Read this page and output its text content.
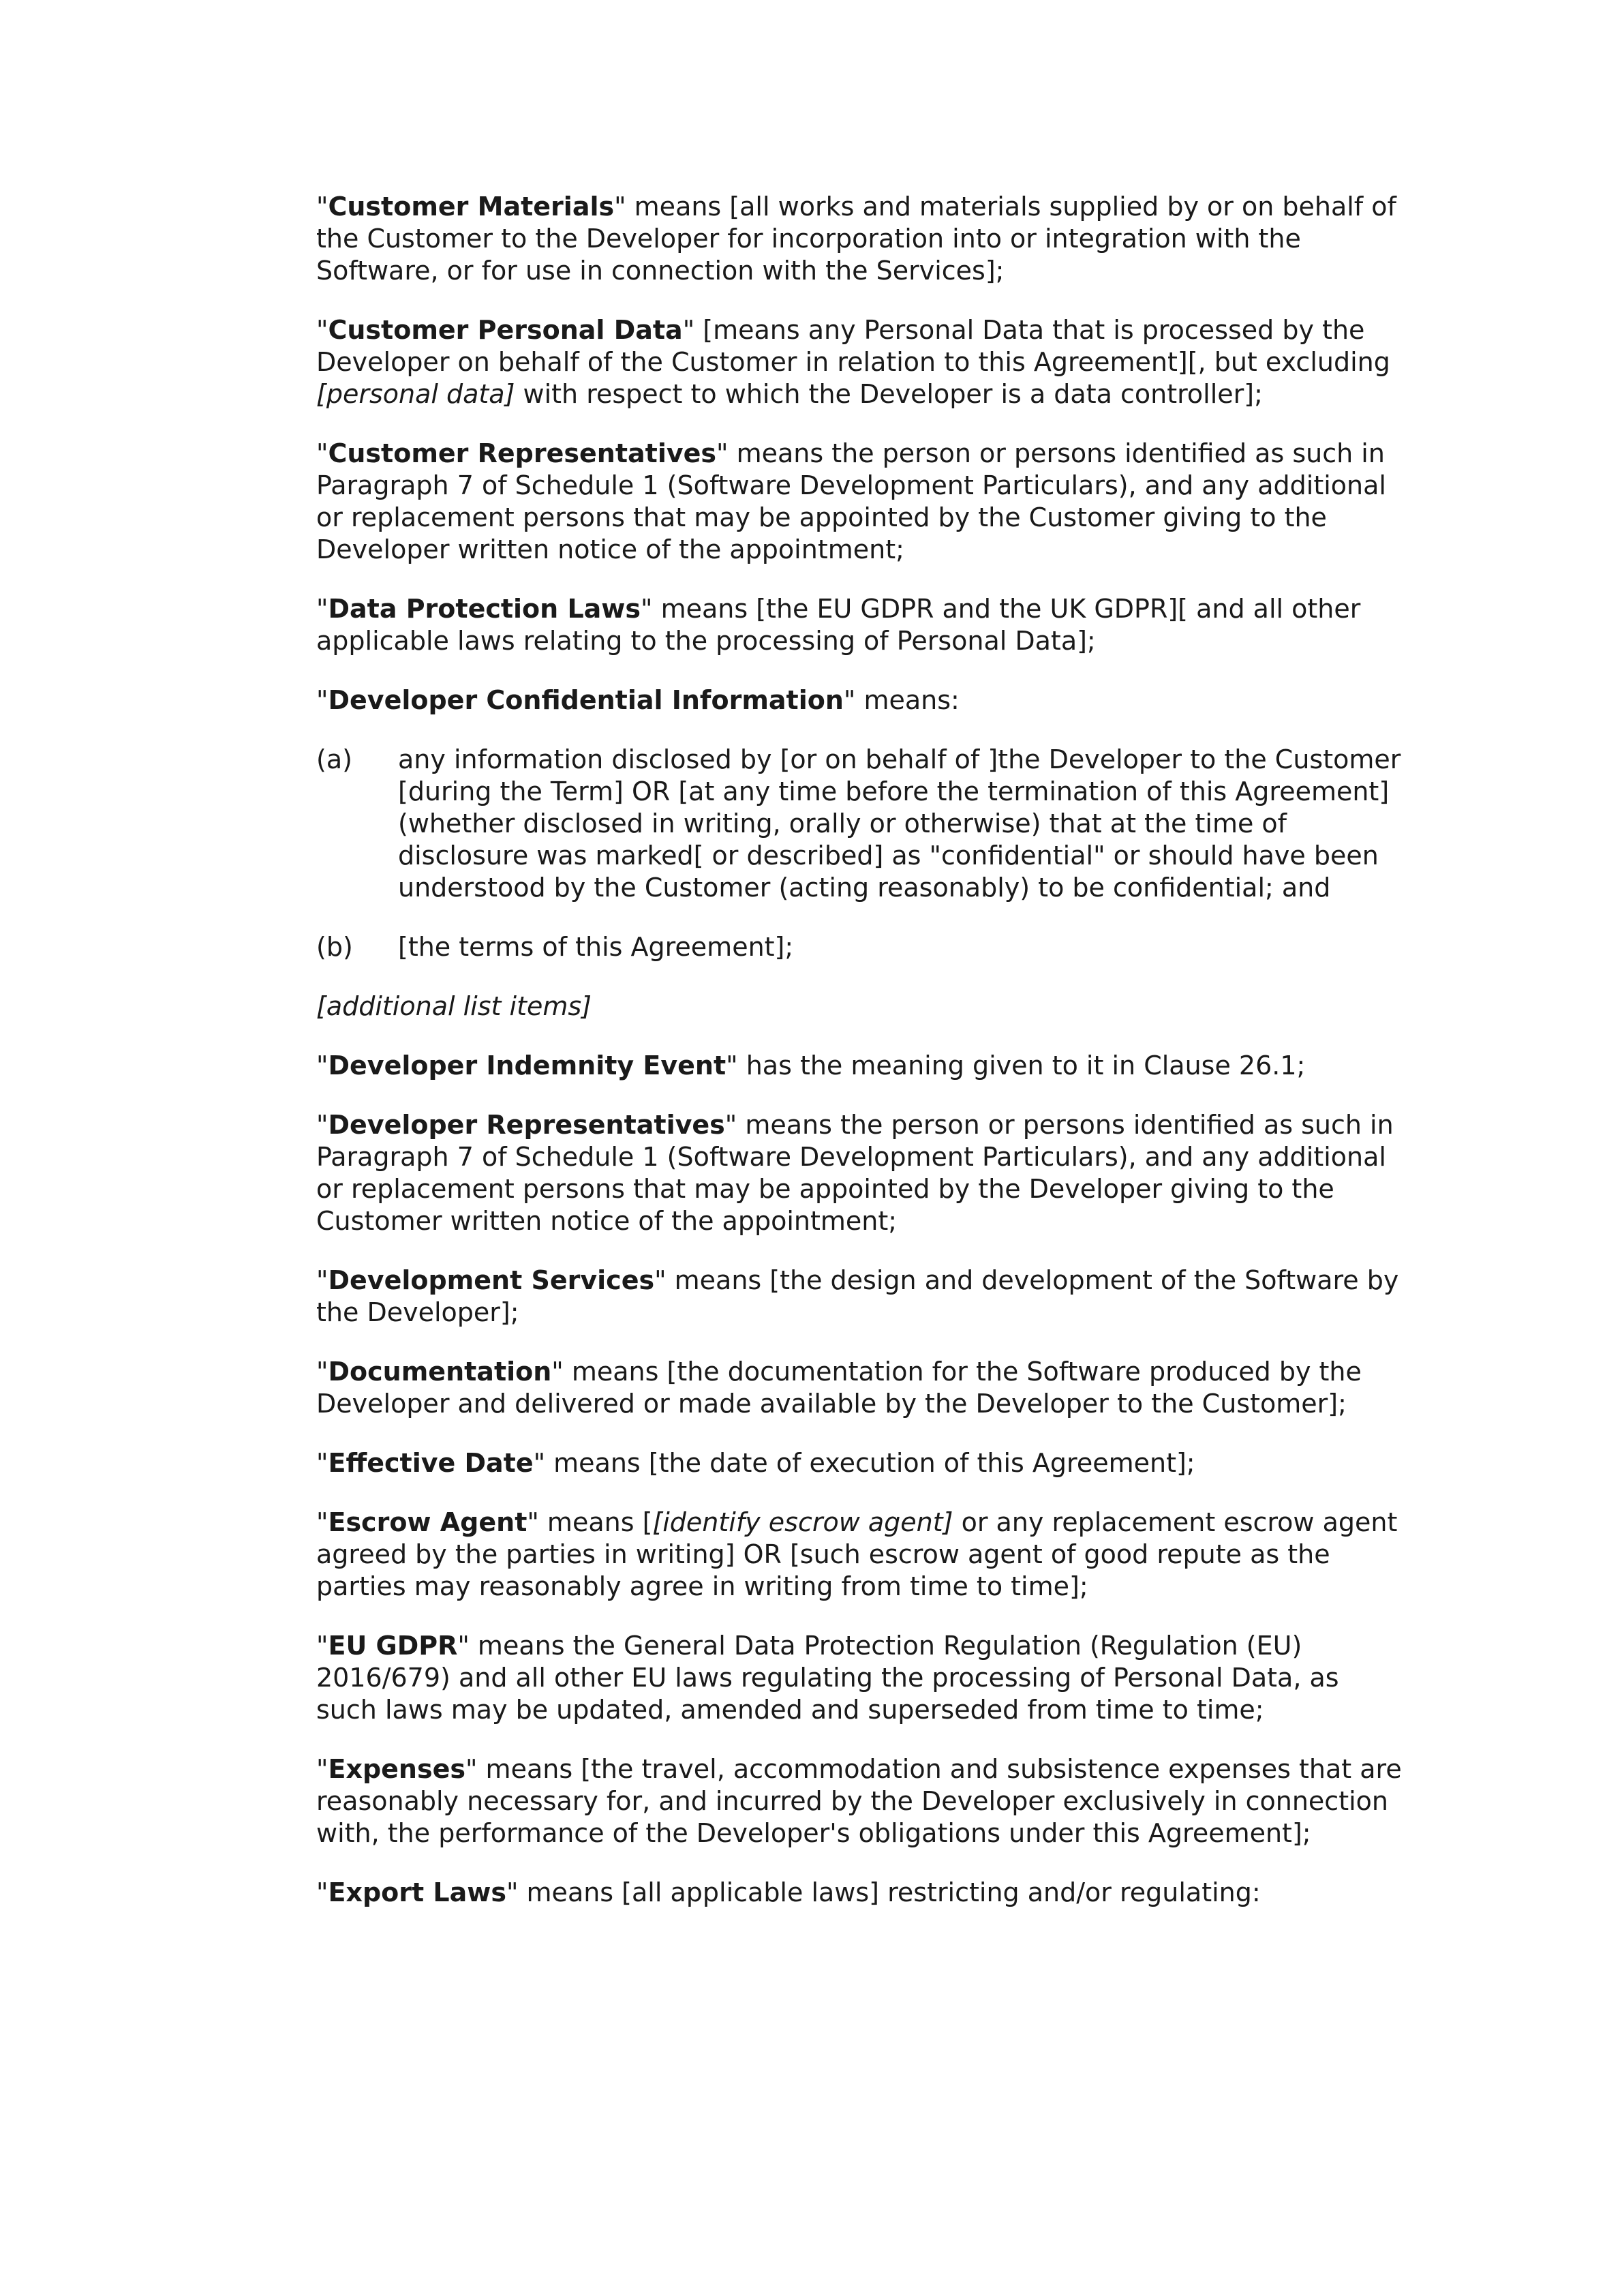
"Customer Materials" means [all works and materials supplied by or on behalf of the Customer to the Developer for incorporation into or integration with the Software, or for use in connection with the Services];

"Customer Personal Data" [means any Personal Data that is processed by the Developer on behalf of the Customer in relation to this Agreement][, but excluding [personal data] with respect to which the Developer is a data controller];

"Customer Representatives" means the person or persons identified as such in Paragraph 7 of Schedule 1 (Software Development Particulars), and any additional or replacement persons that may be appointed by the Customer giving to the Developer written notice of the appointment;

"Data Protection Laws" means [the EU GDPR and the UK GDPR][ and all other applicable laws relating to the processing of Personal Data];

"Developer Confidential Information" means:

(a)	any information disclosed by [or on behalf of ]the Developer to the Customer [during the Term] OR [at any time before the termination of this Agreement] (whether disclosed in writing, orally or otherwise) that at the time of disclosure was marked[ or described] as "confidential" or should have been understood by the Customer (acting reasonably) to be confidential; and
(b)	[the terms of this Agreement];

[additional list items]

"Developer Indemnity Event" has the meaning given to it in Clause 26.1;

"Developer Representatives" means the person or persons identified as such in Paragraph 7 of Schedule 1 (Software Development Particulars), and any additional or replacement persons that may be appointed by the Developer giving to the Customer written notice of the appointment;

"Development Services" means [the design and development of the Software by the Developer];

"Documentation" means [the documentation for the Software produced by the Developer and delivered or made available by the Developer to the Customer];

"Effective Date" means [the date of execution of this Agreement];

"Escrow Agent" means [[identify escrow agent] or any replacement escrow agent agreed by the parties in writing] OR [such escrow agent of good repute as the parties may reasonably agree in writing from time to time];

"EU GDPR" means the General Data Protection Regulation (Regulation (EU) 2016/679) and all other EU laws regulating the processing of Personal Data, as such laws may be updated, amended and superseded from time to time;

"Expenses" means [the travel, accommodation and subsistence expenses that are reasonably necessary for, and incurred by the Developer exclusively in connection with, the performance of the Developer's obligations under this Agreement];

"Export Laws" means [all applicable laws] restricting and/or regulating:
